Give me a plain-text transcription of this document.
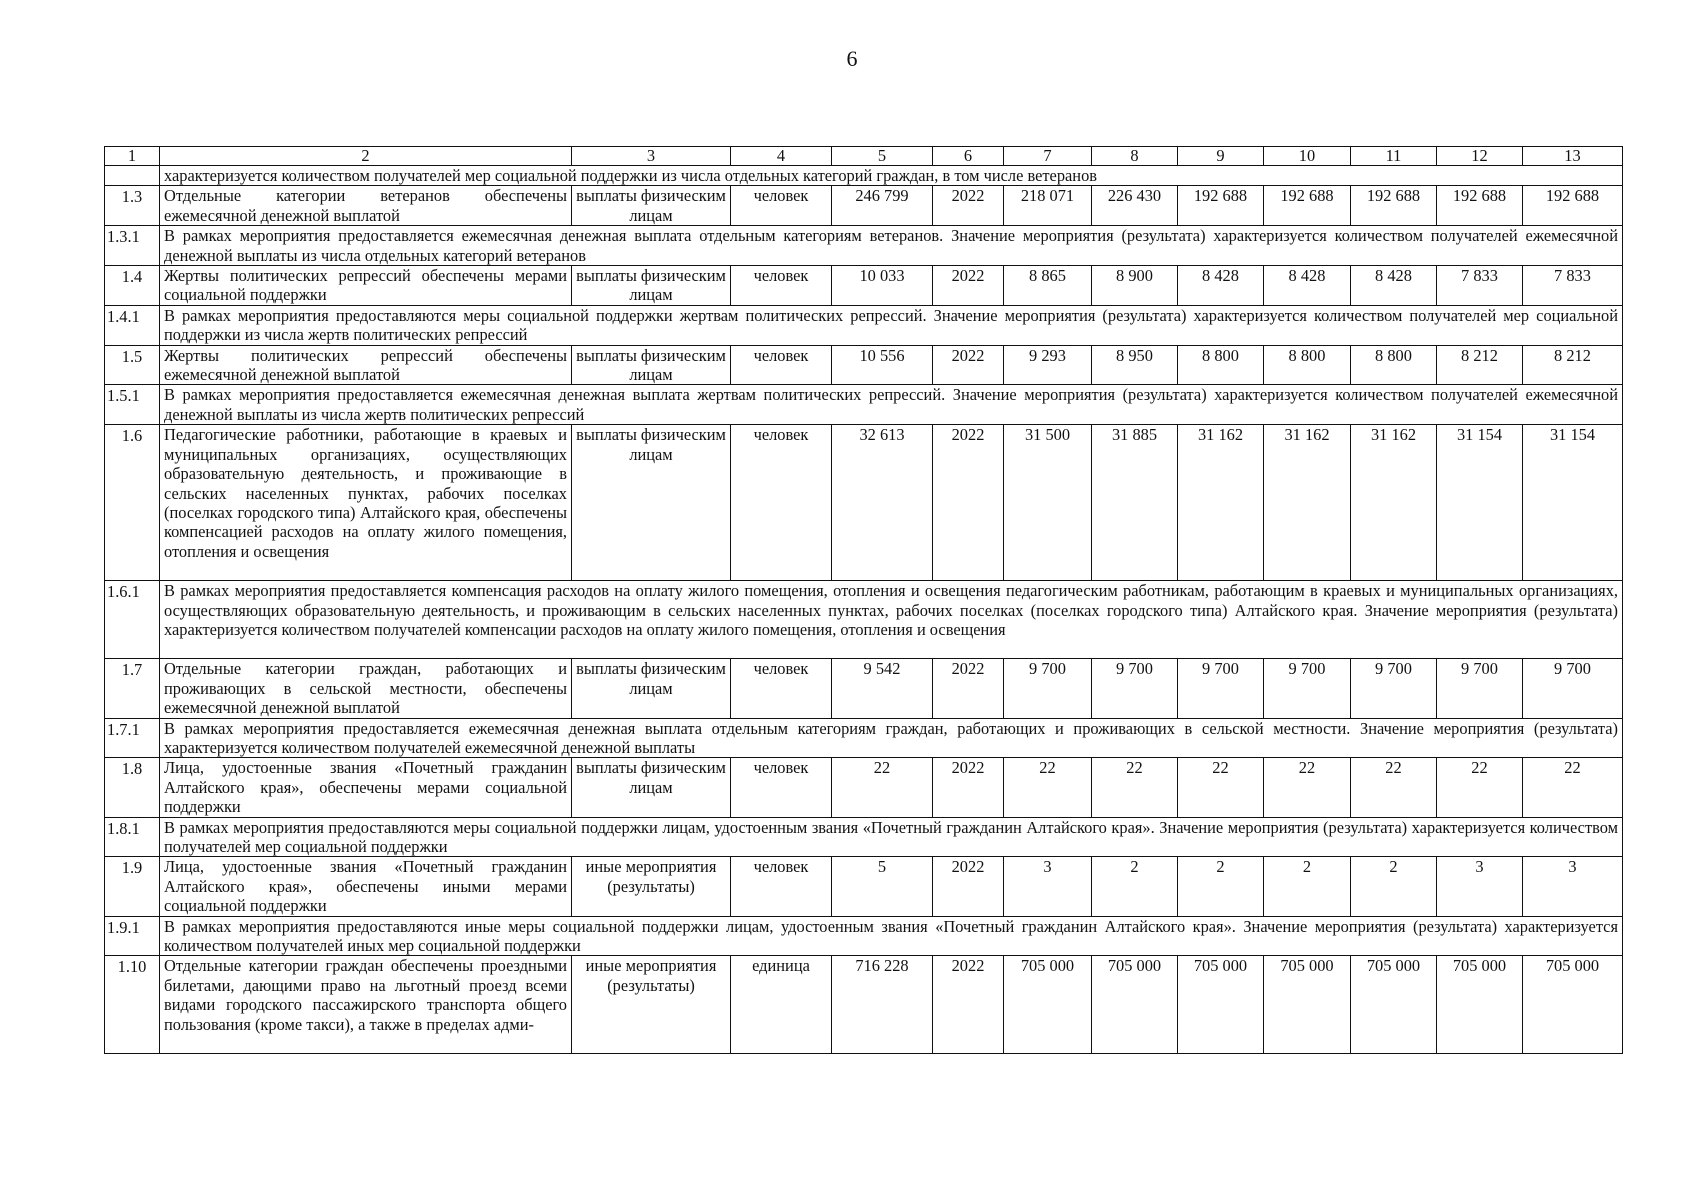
6
1	2	3	4	5	6	7	8	9	10	11	12	13
	характеризуется количеством получателей мер социальной поддержки из числа отдельных категорий граждан, в том числе ветеранов											
1.3	Отдельные категории ветеранов обеспечены ежемесячной денежной выплатой	выплаты физическим лицам	человек	246 799	2022	218 071	226 430	192 688	192 688	192 688	192 688	192 688
1.3.1	В рамках мероприятия предоставляется ежемесячная денежная выплата отдельным категориям ветеранов. Значение мероприятия (результата) характеризуется количеством получателей ежемесячной денежной выплаты из числа отдельных категорий ветеранов											
1.4	Жертвы политических репрессий обеспечены мерами социальной поддержки	выплаты физическим лицам	человек	10 033	2022	8 865	8 900	8 428	8 428	8 428	7 833	7 833
1.4.1	В рамках мероприятия предоставляются меры социальной поддержки жертвам политических репрессий. Значение мероприятия (результата) характеризуется количеством получателей мер социальной поддержки из числа жертв политических репрессий											
1.5	Жертвы политических репрессий обеспечены ежемесячной денежной выплатой	выплаты физическим лицам	человек	10 556	2022	9 293	8 950	8 800	8 800	8 800	8 212	8 212
1.5.1	В рамках мероприятия предоставляется ежемесячная денежная выплата жертвам политических репрессий. Значение мероприятия (результата) характеризуется количеством получателей ежемесячной денежной выплаты из числа жертв политических репрессий											
1.6	Педагогические работники, работающие в краевых и муниципальных организациях, осуществляющих образовательную деятельность, и проживающие в сельских населенных пунктах, рабочих поселках (поселках городского типа) Алтайского края, обеспечены компенсацией расходов на оплату жилого помещения, отопления и освещения	выплаты физическим лицам	человек	32 613	2022	31 500	31 885	31 162	31 162	31 162	31 154	31 154
1.6.1	В рамках мероприятия предоставляется компенсация расходов на оплату жилого помещения, отопления и освещения педагогическим работникам, работающим в краевых и муниципальных организациях, осуществляющих образовательную деятельность, и проживающим в сельских населенных пунктах, рабочих поселках (поселках городского типа) Алтайского края. Значение мероприятия (результата) характеризуется количеством получателей компенсации расходов на оплату жилого помещения, отопления и освещения											
1.7	Отдельные категории граждан, работающих и проживающих в сельской местности, обеспечены ежемесячной денежной выплатой	выплаты физическим лицам	человек	9 542	2022	9 700	9 700	9 700	9 700	9 700	9 700	9 700
1.7.1	В рамках мероприятия предоставляется ежемесячная денежная выплата отдельным категориям граждан, работающих и проживающих в сельской местности. Значение мероприятия (результата) характеризуется количеством получателей ежемесячной денежной выплаты											
1.8	Лица, удостоенные звания «Почетный гражданин Алтайского края», обеспечены мерами социальной поддержки	выплаты физическим лицам	человек	22	2022	22	22	22	22	22	22	22
1.8.1	В рамках мероприятия предоставляются меры социальной поддержки лицам, удостоенным звания «Почетный гражданин Алтайского края». Значение мероприятия (результата) характеризуется количеством получателей мер социальной поддержки											
1.9	Лица, удостоенные звания «Почетный гражданин Алтайского края», обеспечены иными мерами социальной поддержки	иные мероприятия (результаты)	человек	5	2022	3	2	2	2	2	3	3
1.9.1	В рамках мероприятия предоставляются иные меры социальной поддержки лицам, удостоенным звания «Почетный гражданин Алтайского края». Значение мероприятия (результата) характеризуется количеством получателей иных мер социальной поддержки											
1.10	Отдельные категории граждан обеспечены проездными билетами, дающими право на льготный проезд всеми видами городского пассажирского транспорта общего пользования (кроме такси), а также в пределах адми-	иные мероприятия (результаты)	единица	716 228	2022	705 000	705 000	705 000	705 000	705 000	705 000	705 000
